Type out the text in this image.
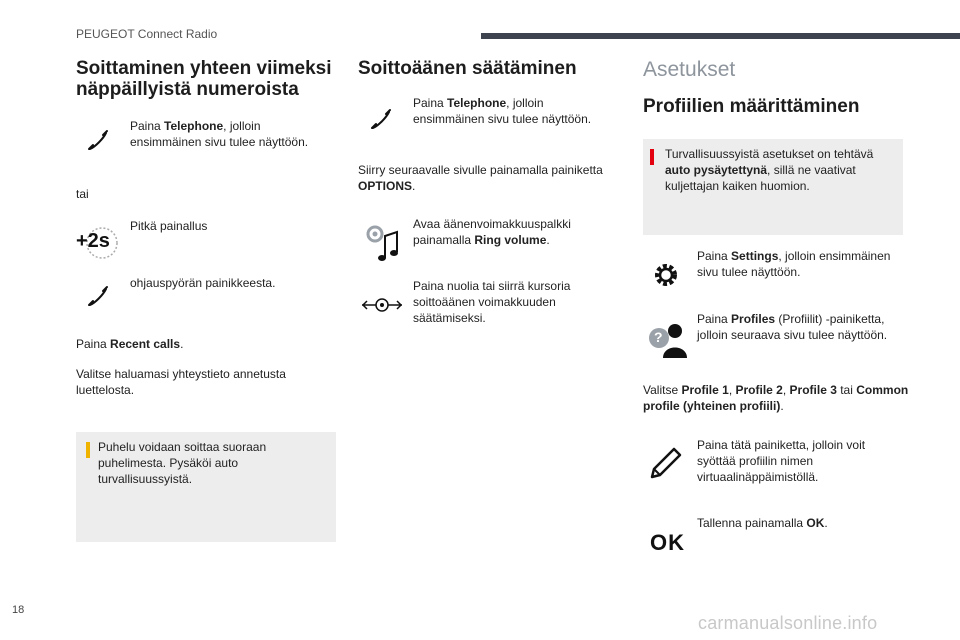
PEUGEOT Connect Radio

Soittaminen yhteen viimeksi

näppäillyistä numeroista

Paina Telephone, jolloin ensimmäinen sivu tulee näyttöön.
tai
+2s
Pitkä painallus
ohjauspyörän painikkeesta.
Paina Recent calls.
Valitse haluamasi yhteystieto annetusta luettelosta.
Puhelu voidaan soittaa suoraan puhelimesta. Pysäköi auto turvallisuussyistä.

Soittoäänen säätäminen

Paina Telephone, jolloin ensimmäinen sivu tulee näyttöön.
Siirry seuraavalle sivulle painamalla painiketta OPTIONS.
Avaa äänenvoimakkuuspalkki painamalla Ring volume.
Paina nuolia tai siirrä kursoria soittoäänen voimakkuuden säätämiseksi.
Asetukset

Profiilien määrittäminen

Turvallisuussyistä asetukset on tehtävä auto pysäytettynä, sillä ne vaativat kuljettajan kaiken huomion.
Paina Settings, jolloin ensimmäinen sivu tulee näyttöön.
?
Paina Profiles (Profiilit) -painiketta, jolloin seuraava sivu tulee näyttöön.
Valitse Profile 1, Profile 2, Profile 3 tai Common profile (yhteinen profiili).
Paina tätä painiketta, jolloin voit syöttää profiilin nimen virtuaalinäppäimistöllä.
OK
Tallenna painamalla OK.
18
carmanualsonline.info
